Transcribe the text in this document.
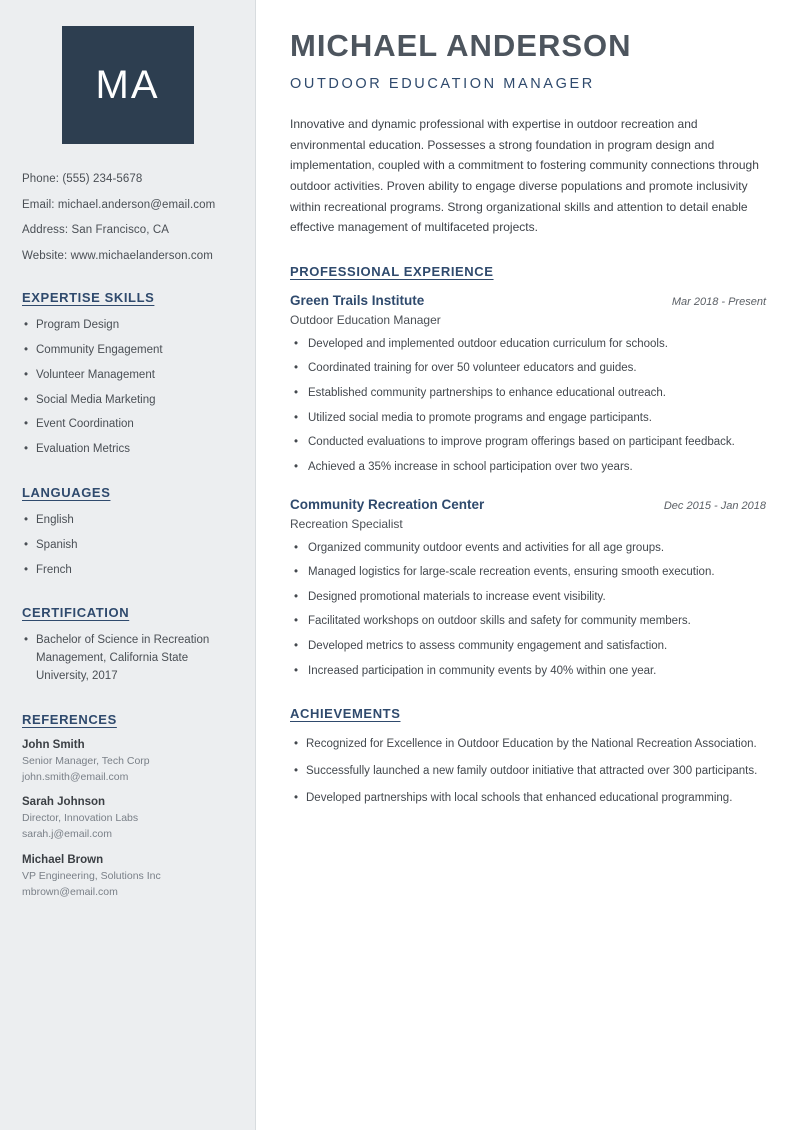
MA
Phone: (555) 234-5678
Email: michael.anderson@email.com
Address: San Francisco, CA
Website: www.michaelanderson.com
EXPERTISE SKILLS
• Program Design
• Community Engagement
• Volunteer Management
• Social Media Marketing
• Event Coordination
• Evaluation Metrics
LANGUAGES
• English
• Spanish
• French
CERTIFICATION
• Bachelor of Science in Recreation Management, California State University, 2017
REFERENCES
John Smith
Senior Manager, Tech Corp
john.smith@email.com
Sarah Johnson
Director, Innovation Labs
sarah.j@email.com
Michael Brown
VP Engineering, Solutions Inc
mbrown@email.com
MICHAEL ANDERSON
OUTDOOR EDUCATION MANAGER

Innovative and dynamic professional with expertise in outdoor recreation and environmental education. Possesses a strong foundation in program design and implementation, coupled with a commitment to fostering community connections through outdoor activities. Proven ability to engage diverse populations and promote inclusivity within recreational programs. Strong organizational skills and attention to detail enable effective management of multifaceted projects.

PROFESSIONAL EXPERIENCE
Green Trails Institute	Mar 2018 - Present
Outdoor Education Manager
• Developed and implemented outdoor education curriculum for schools.
• Coordinated training for over 50 volunteer educators and guides.
• Established community partnerships to enhance educational outreach.
• Utilized social media to promote programs and engage participants.
• Conducted evaluations to improve program offerings based on participant feedback.
• Achieved a 35% increase in school participation over two years.
Community Recreation Center	Dec 2015 - Jan 2018
Recreation Specialist
• Organized community outdoor events and activities for all age groups.
• Managed logistics for large-scale recreation events, ensuring smooth execution.
• Designed promotional materials to increase event visibility.
• Facilitated workshops on outdoor skills and safety for community members.
• Developed metrics to assess community engagement and satisfaction.
• Increased participation in community events by 40% within one year.
ACHIEVEMENTS
• Recognized for Excellence in Outdoor Education by the National Recreation Association.
• Successfully launched a new family outdoor initiative that attracted over 300 participants.
• Developed partnerships with local schools that enhanced educational programming.
